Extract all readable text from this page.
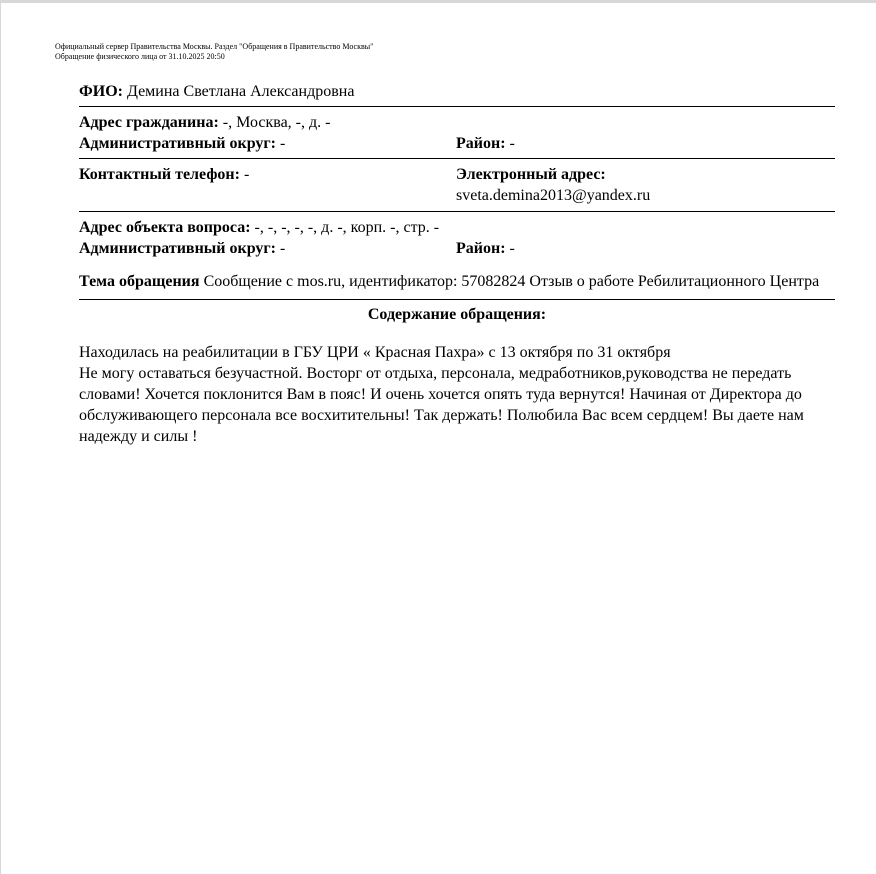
Официальный сервер Правительства Москвы. Раздел "Обращения в Правительство Москвы"
Обращение физического лица от 31.10.2025 20:50
ФИО: Демина Светлана Александровна
Адрес гражданина: -, Москва, -, д. -
Административный округ: -	Район: -
Контактный телефон: -	Электронный адрес:
sveta.demina2013@yandex.ru
Адрес объекта вопроса: -, -, -, -, -, д. -, корп. -, стр. -
Административный округ: -	Район: -
Тема обращения Сообщение с mos.ru, идентификатор: 57082824 Отзыв о работе Ребилитационного Центра
Содержание обращения:
Находилась на реабилитации в ГБУ ЦРИ « Красная Пахра» с 13 октября по 31 октября
Не могу оставаться безучастной. Восторг от отдыха, персонала, медработников,руководства не передать словами! Хочется поклонится Вам в пояс! И очень хочется опять туда вернутся! Начиная от Директора до обслуживающего персонала все восхитительны! Так держать! Полюбила Вас всем сердцем! Вы даете нам надежду и силы !
